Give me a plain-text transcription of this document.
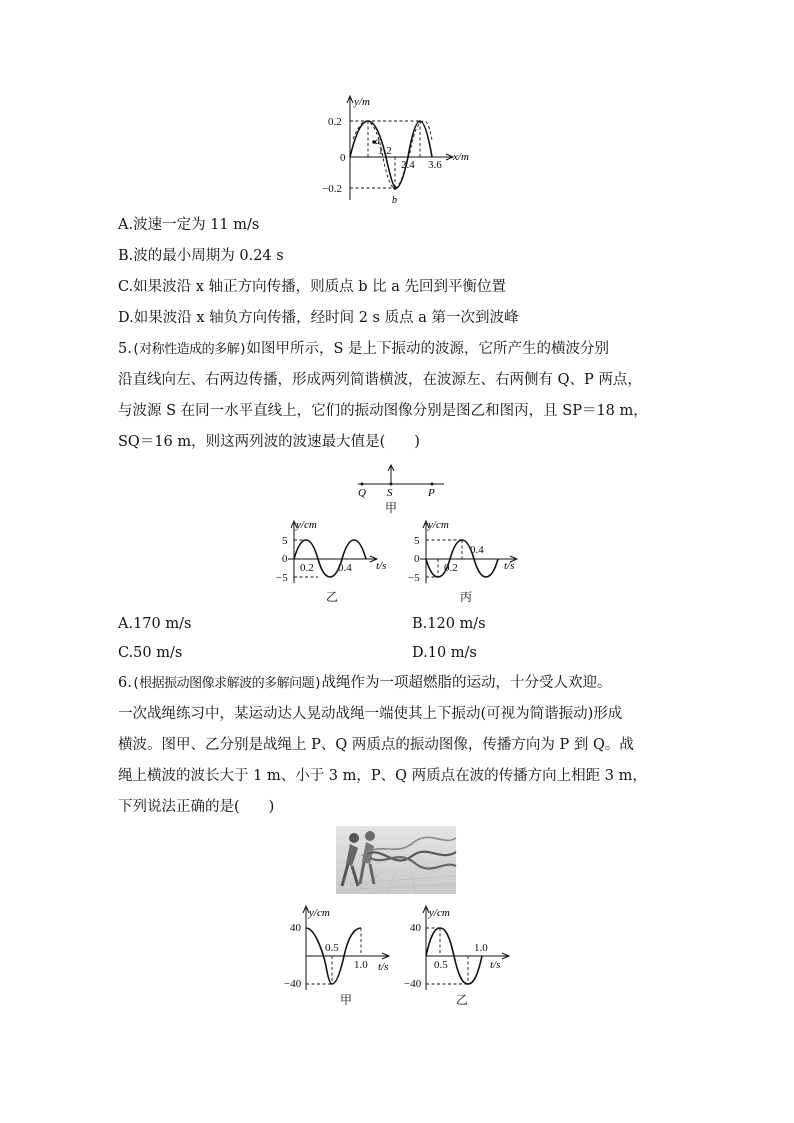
y/m
x/m
0.2
0
−0.2
a
b
1.2
2.4 3.6
A.波速一定为 11 m/s
B.波的最小周期为 0.24 s
C.如果波沿 x 轴正方向传播，则质点 b 比 a 先回到平衡位置
D.如果波沿 x 轴负方向传播，经时间 2 s 质点 a 第一次到波峰
5.(对称性造成的多解)如图甲所示，S 是上下振动的波源，它所产生的横波分别
沿直线向左、右两边传播，形成两列简谐横波，在波源左、右两侧有 Q、P 两点，
与波源 S 在同一水平直线上，它们的振动图像分别是图乙和图丙，且 SP＝18 m，
SQ＝16 m，则这两列波的波速最大值是(　　)
Q S	P
甲
y/cm
t/s
5
0
−5
0.2 0.4
乙
y/cm
t/s
5
0
−5
0.2
0.4
丙
A.170 m/s	B.120 m/s
C.50 m/s	D.10 m/s
6.(根据振动图像求解波的多解问题)战绳作为一项超燃脂的运动，十分受人欢迎。
一次战绳练习中，某运动达人晃动战绳一端使其上下振动(可视为简谐振动)形成
横波。图甲、乙分别是战绳上 P、Q 两质点的振动图像，传播方向为 P 到 Q。战
绳上横波的波长大于 1 m、小于 3 m，P、Q 两质点在波的传播方向上相距 3 m，
下列说法正确的是(　　)
y/cm
t/s
40
−40
0.5
1.0
甲
y/cm
t/s
40
−40
0.5
1.0
乙
